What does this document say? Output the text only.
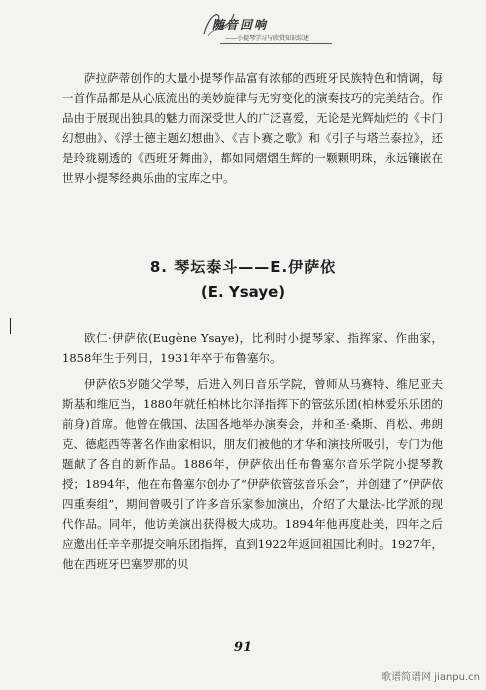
随音回响
——小提琴学习与欣赏知识综述

萨拉萨蒂创作的大量小提琴作品富有浓郁的西班牙民族特色和情调，每一首作品都是从心底流出的美妙旋律与无穷变化的演奏技巧的完美结合。作品由于展现出独具的魅力而深受世人的广泛喜爱，无论是光辉灿烂的《卡门幻想曲》、《浮士德主题幻想曲》、《吉卜赛之歌》和《引子与塔兰泰拉》，还是玲珑剔透的《西班牙舞曲》，都如同熠熠生辉的一颗颗明珠，永远镶嵌在世界小提琴经典乐曲的宝库之中。

8. 琴坛泰斗——E.伊萨依
(E. Ysaye)

欧仁·伊萨依(Eugène Ysaye)，比利时小提琴家、指挥家、作曲家，1858年生于列日，1931年卒于布鲁塞尔。

伊萨依5岁随父学琴，后进入列日音乐学院，曾师从马赛特、维尼亚夫斯基和维厄当，1880年就任柏林比尔泽指挥下的管弦乐团(柏林爱乐乐团的前身)首席。他曾在俄国、法国各地举办演奏会，并和圣·桑斯、肖松、弗朗克、德彪西等著名作曲家相识，朋友们被他的才华和演技所吸引，专门为他题献了各自的新作品。1886年，伊萨依出任布鲁塞尔音乐学院小提琴教授；1894年，他在布鲁塞尔创办了“伊萨依管弦音乐会”，并创建了“伊萨依四重奏组”，期间曾吸引了许多音乐家参加演出，介绍了大量法-比学派的现代作品。同年，他访美演出获得极大成功。1894年他再度赴美，四年之后应邀出任辛辛那提交响乐团指挥，直到1922年返回祖国比利时。1927年，他在西班牙巴塞罗那的贝

91
歌谱简谱网 jianpu.cn
